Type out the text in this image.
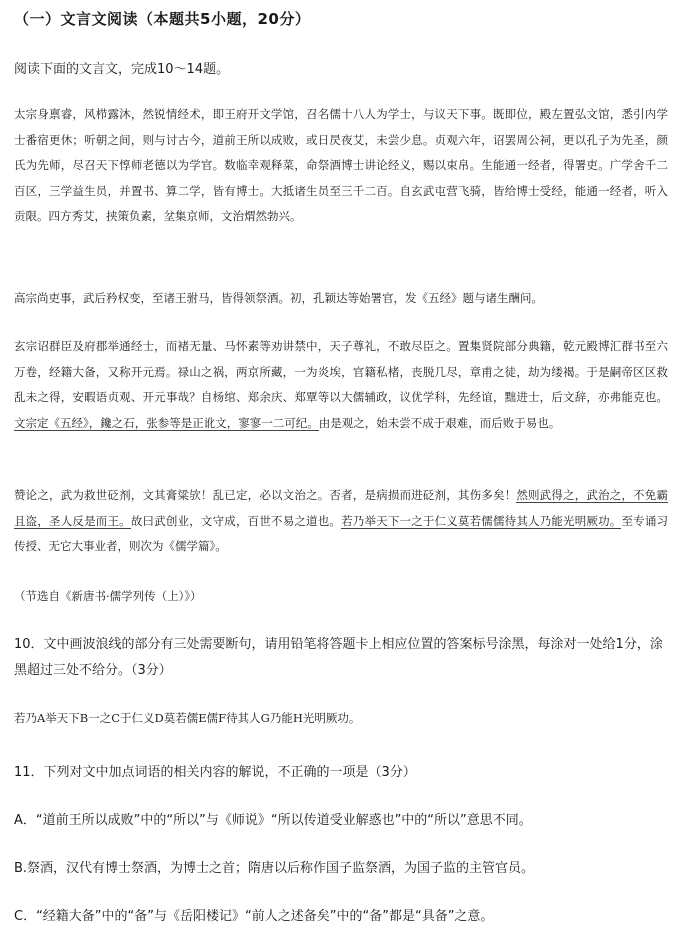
（一）文言文阅读（本题共5小题，20分）
阅读下面的文言文，完成10～14题。

太宗身禀睿，风栉露沐，然锐情经术，即王府开文学馆，召名儒十八人为学士，与议天下事。既即位，殿左置弘文馆，悉引内学士番宿更休；听朝之间，则与讨古今，道前王所以成败，或日昃夜艾，未尝少息。贞观六年，诏罢周公祠，更以孔子为先圣，颜氏为先师，尽召天下惇师老德以为学官。数临幸观释菜，命祭酒博士讲论经义，赐以束帛。生能通一经者，得署吏。广学舍千二百区，三学益生员，并置书、算二学，皆有博士。大抵诸生员至三千二百。自玄武屯营飞骑，皆给博士受经，能通一经者，听入贡限。四方秀艾，挟策负素，坌集京师，文治煟然勃兴。

高宗尚吏事，武后矜权变，至诸王驸马，皆得领祭酒。初，孔颖达等始署官，发《五经》题与诸生酬问。

玄宗诏群臣及府郡举通经士，而褚无量、马怀素等劝讲禁中，天子尊礼，不敢尽臣之。置集贤院部分典籍，乾元殿博汇群书至六万卷，经籍大备，又称开元焉。禄山之祸，两京所藏，一为炎埃，官籍私楮，丧脱几尽，章甫之徒，劫为缕褐。于是嗣帝区区救乱未之得，安暇语贞观、开元事哉？自杨绾、郑余庆、郑覃等以大儒辅政，议优学科，先经谊，黜进士，后文辞，亦弗能克也。文宗定《五经》，鑱之石，张参等是正讹文，寥寥一二可纪。由是观之，始未尝不成于艰难，而后败于易也。

赞论之，武为救世砭剂，文其膏粱欤！乱已定，必以文治之。否者，是病损而进砭剂，其伤多矣！然则武得之，武治之，不免霸且盗，圣人反是而王。故曰武创业，文守成，百世不易之道也。若乃举天下一之于仁义莫若儒儒待其人乃能光明厥功。至专诵习传授、无它大事业者，则次为《儒学篇》。

（节选自《新唐书·儒学列传（上）》）

10．文中画波浪线的部分有三处需要断句，请用铅笔将答题卡上相应位置的答案标号涂黑，每涂对一处给1分，涂黑超过三处不给分。（3分）

若乃A举天下B一之C于仁义D莫若儒E儒F待其人G乃能H光明厥功。

11．下列对文中加点词语的相关内容的解说，不正确的一项是（3分）

A．“道前王所以成败”中的“所以”与《师说》“所以传道受业解惑也”中的“所以”意思不同。

B.祭酒，汉代有博士祭酒，为博士之首；隋唐以后称作国子监祭酒，为国子监的主管官员。

C．“经籍大备”中的“备”与《岳阳楼记》“前人之述备矣”中的“备”都是“具备”之意。
